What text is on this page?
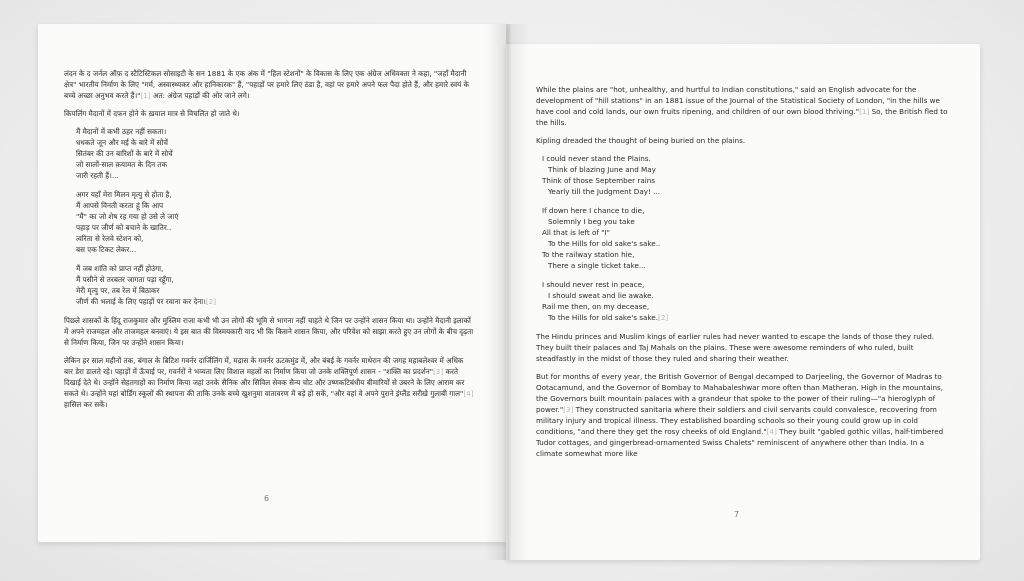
लंदन के द जर्नल ऑफ़ द स्टैटिस्टिकल सोसाइटी के सन 1881 के एक अंक में "हिल स्टेशनों" के विकास के लिए एक अंग्रेज अधिवक्ता ने कहा, "जहाँ मैदानी क्षेत्र" भारतीय निर्माण के लिए "गर्म, अस्वास्थ्यकर और हानिकारक" हैं, "पहाड़ों पर हमारे लिए ठंडा है, वहां पर हमारे अपने फल पैदा होते हैं, और हमारे स्वयं के बच्चे अच्छा अनुभव करते हैं।"[1] अत: अंग्रेज पहाड़ों की ओर जाने लगे।

किपलिंग मैदानों में दफन होने के ख़याल मात्र से विचलित हो जाते थे।

मैं मैदानों में कभी ठहर नहीं सकता।
धधकते जून और मई के बारे में सोचें
सितंबर की उन बारिशों के बारे में सोचें
जो सालों-साल क़यामत के दिन तक
जारी रहती हैं।...
अगर यहाँ मेरा मिलन मृत्यु से होता है,
मैं आपसे विनती करता हूं कि आप
"मैं" का जो शेष रह गया हो उसे ले जाएं
पहाड़ पर जीर्ण को बचाने के खातिर..
त्वरिता से रेलवे स्टेशन को,
बस एक टिकट लेकर...
मैं जब शांति को प्राप्त नहीं होउंगा,
मैं पसीने से तरबतर जागता पड़ा रहूँगा,
मेरी मृत्यु पर, तब रेल में बिठाकर
जीर्ण की भलाई के लिए पहाड़ों पर रवाना कर देना।[2]

पिछले शासकों के हिंदू राजकुमार और मुस्लिम राजा कभी भी उन लोगों की भूमि से भागना नहीं चाहते थे जिन पर उन्होंने शासन किया था। उन्होंने मैदानी इलाकों में अपने राजमहल और ताजमहल बनवाएं। ये इस बात की विस्मयकारी याद भी कि किसने शासन किया, और परिवेश को साझा करते हुए उन लोगों के बीच दृढ़ता से निर्माण किया, जिन पर उन्होंने शासन किया।

लेकिन हर साल महीनों तक, बंगाल के ब्रिटिश गवर्नर दार्जिलिंग में, मद्रास के गवर्नर ऊटकमुंड में, और बंबई के गवर्नर माथेरान की जगह महाबलेश्वर में अधिक बार डेरा डालते रहे। पहाड़ों में ऊँचाई पर, गवर्नरों ने भव्यता लिए विशाल महलों का निर्माण किया जो उनके शक्तिपूर्ण शासन - "शक्ति का प्रदर्शन"[3] करते दिखाई देते थे। उन्होंने सेहतगाहों का निर्माण किया जहां उनके सैनिक और सिविल सेवक सैन्य चोट और उष्णकटिबंधीय बीमारियों से उबरने के लिए आराम कर सकते थे। उन्होंने यहां बोर्डिंग स्कूलों की स्थापना की ताकि उनके बच्चे खुशनुमा वातावरण में बड़े हो सकें, "और वहां वे अपने पुराने इंग्लैंड सरीखे गुलाबी गाल"[4] हासिल कर सकें।

6

While the plains are "hot, unhealthy, and hurtful to Indian constitutions," said an English advocate for the development of "hill stations" in an 1881 issue of the Journal of the Statistical Society of London, "in the hills we have cool and cold lands, our own fruits ripening, and children of our own blood thriving."[1] So, the British fled to the hills.

Kipling dreaded the thought of being buried on the plains.

I could never stand the Plains.
Think of blazing June and May
Think of those September rains
Yearly till the Judgment Day! ...
If down here I chance to die,
Solemnly I beg you take
All that is left of "I"
To the Hills for old sake's sake..
To the railway station hie,
There a single ticket take...
I should never rest in peace,
I should sweat and lie awake.
Rail me then, on my decease,
To the Hills for old sake's sake.[2]

The Hindu princes and Muslim kings of earlier rules had never wanted to escape the lands of those they ruled. They built their palaces and Taj Mahals on the plains. These were awesome reminders of who ruled, built steadfastly in the midst of those they ruled and sharing their weather.

But for months of every year, the British Governor of Bengal decamped to Darjeeling, the Governor of Madras to Ootacamund, and the Governor of Bombay to Mahabaleshwar more often than Matheran. High in the mountains, the Governors built mountain palaces with a grandeur that spoke to the power of their ruling—"a hieroglyph of power."[3] They constructed sanitaria where their soldiers and civil servants could convalesce, recovering from military injury and tropical illness. They established boarding schools so their young could grow up in cold conditions, "and there they get the rosy cheeks of old England."[4] They built "gabled gothic villas, half-timbered Tudor cottages, and gingerbread-ornamented Swiss Chalets" reminiscent of anywhere other than India. In a climate somewhat more like

7
